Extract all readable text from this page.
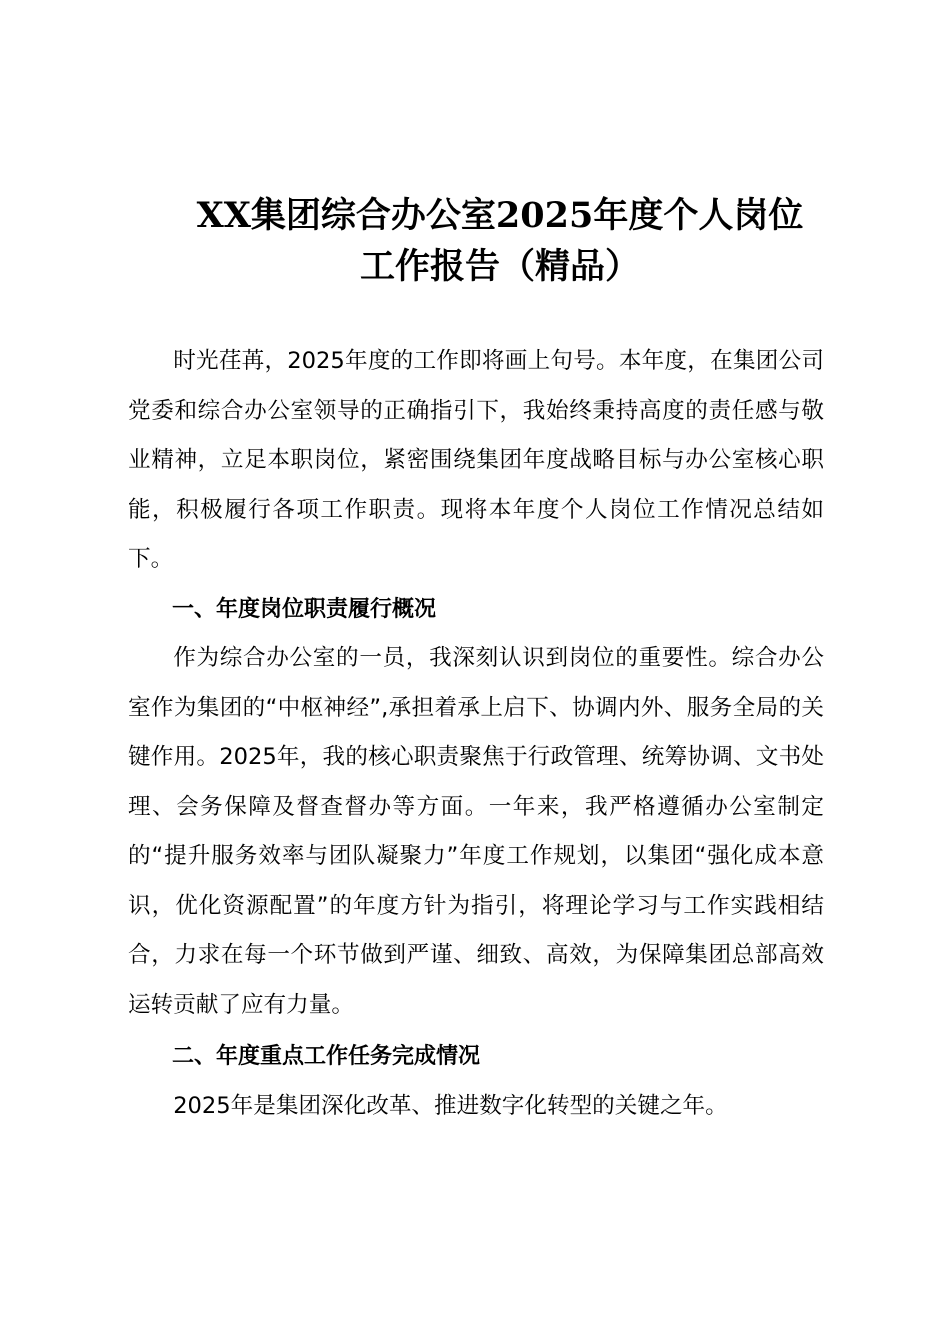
XX集团综合办公室2025年度个人岗位
工作报告（精品）

时光荏苒，2025年度的工作即将画上句号。本年度，在集团公司党委和综合办公室领导的正确指引下，我始终秉持高度的责任感与敬业精神，立足本职岗位，紧密围绕集团年度战略目标与办公室核心职能，积极履行各项工作职责。现将本年度个人岗位工作情况总结如下。

一、年度岗位职责履行概况

作为综合办公室的一员，我深刻认识到岗位的重要性。综合办公室作为集团的“中枢神经”,承担着承上启下、协调内外、服务全局的关键作用。2025年，我的核心职责聚焦于行政管理、统筹协调、文书处理、会务保障及督查督办等方面。一年来，我严格遵循办公室制定的“提升服务效率与团队凝聚力”年度工作规划，以集团“强化成本意识，优化资源配置”的年度方针为指引，将理论学习与工作实践相结合，力求在每一个环节做到严谨、细致、高效，为保障集团总部高效运转贡献了应有力量。

二、年度重点工作任务完成情况

2025年是集团深化改革、推进数字化转型的关键之年。
